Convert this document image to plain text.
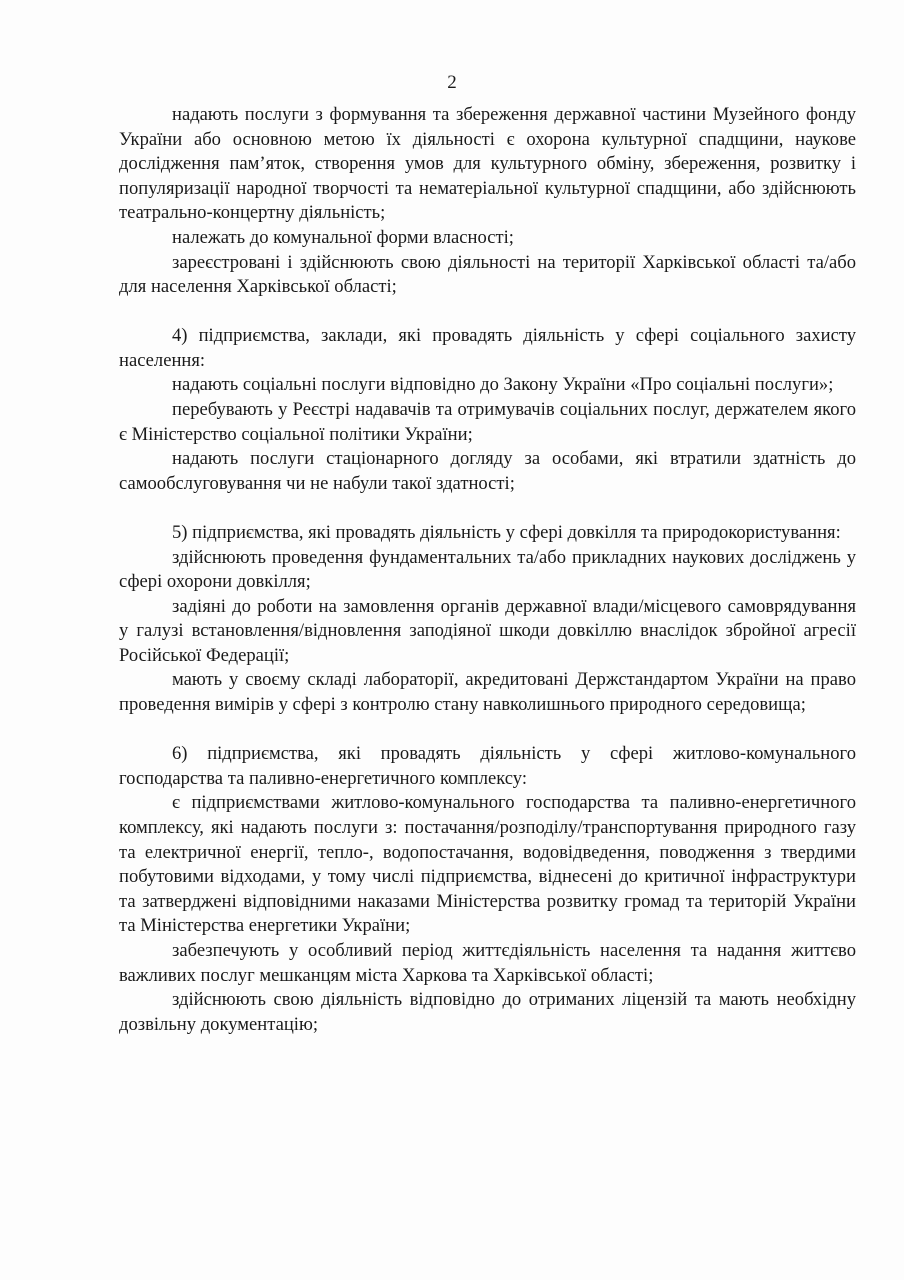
2

надають послуги з формування та збереження державної частини Музейного фонду України або основною метою їх діяльності є охорона культурної спадщини, наукове дослідження пам’яток, створення умов для культурного обміну, збереження, розвитку і популяризації народної творчості та нематеріальної культурної спадщини, або здійснюють театрально-концертну діяльність;

належать до комунальної форми власності;

зареєстровані і здійснюють свою діяльності на території Харківської області та/або для населення Харківської області;

4) підприємства, заклади, які провадять діяльність у сфері соціального захисту населення:

надають соціальні послуги відповідно до Закону України «Про соціальні послуги»;

перебувають у Реєстрі надавачів та отримувачів соціальних послуг, держателем якого є Міністерство соціальної політики України;

надають послуги стаціонарного догляду за особами, які втратили здатність до самообслуговування чи не набули такої здатності;

5) підприємства, які провадять діяльність у сфері довкілля та природокористування:

здійснюють проведення фундаментальних та/або прикладних наукових досліджень у сфері охорони довкілля;

задіяні до роботи на замовлення органів державної влади/місцевого самоврядування у галузі встановлення/відновлення заподіяної шкоди довкіллю внаслідок збройної агресії Російської Федерації;

мають у своєму складі лабораторії, акредитовані Держстандартом України на право проведення вимірів у сфері з контролю стану навколишнього природного середовища;

6) підприємства, які провадять діяльність у сфері житлово-комунального господарства та паливно-енергетичного комплексу:

є підприємствами житлово-комунального господарства та паливно-енергетичного комплексу, які надають послуги з: постачання/розподілу/транспортування природного газу та електричної енергії, тепло-, водопостачання, водовідведення, поводження з твердими побутовими відходами, у тому числі підприємства, віднесені до критичної інфраструктури та затверджені відповідними наказами Міністерства розвитку громад та територій України та Міністерства енергетики України;

забезпечують у особливий період життєдіяльність населення та надання життєво важливих послуг мешканцям міста Харкова та Харківської області;

здійснюють свою діяльність відповідно до отриманих ліцензій та мають необхідну дозвільну документацію;
